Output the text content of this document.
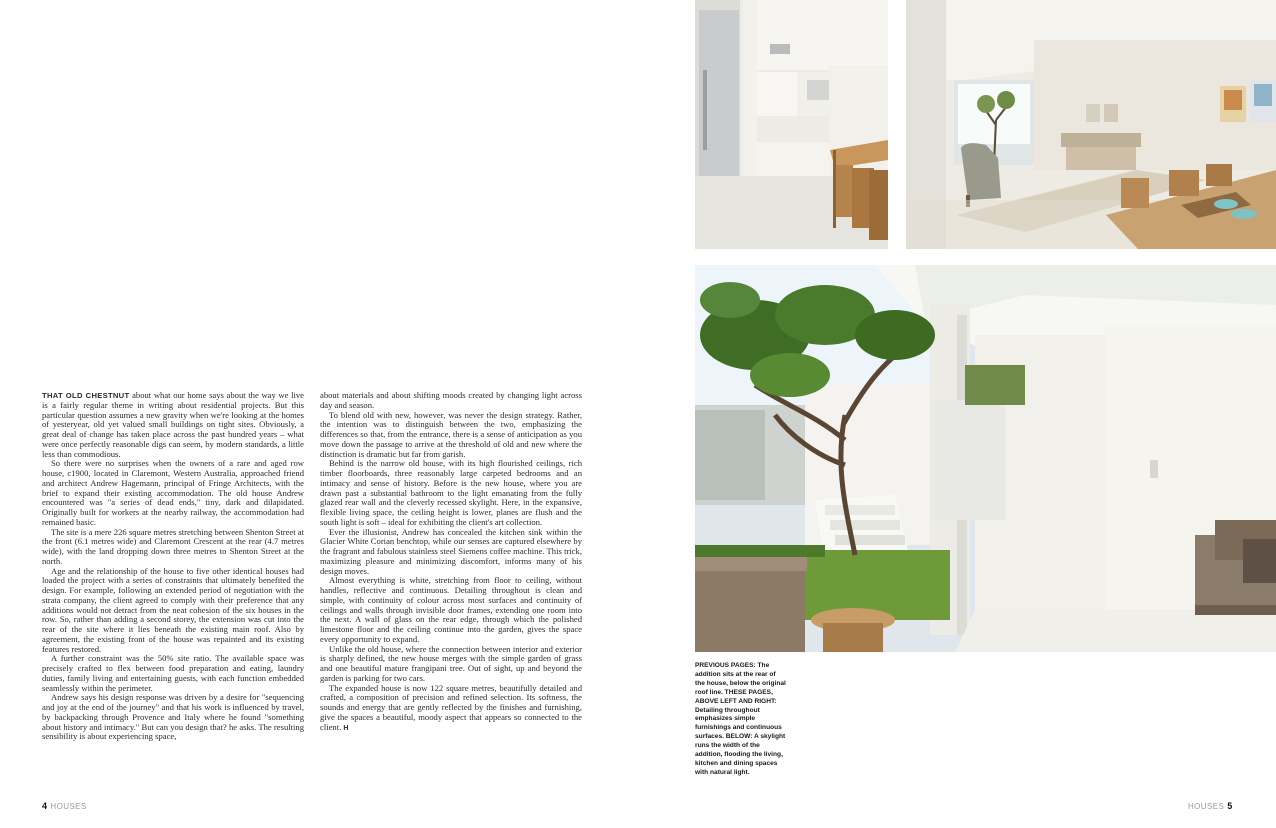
THAT OLD CHESTNUT about what our home says about the way we live is a fairly regular theme in writing about residential projects. But this particular question assumes a new gravity when we're looking at the homes of yesteryear, old yet valued small buildings on tight sites. Obviously, a great deal of change has taken place across the past hundred years – what were once perfectly reasonable digs can seem, by modern standards, a little less than commodious.

So there were no surprises when the owners of a rare and aged row house, c1900, located in Claremont, Western Australia, approached friend and architect Andrew Hagemann, principal of Fringe Architects, with the brief to expand their existing accommodation. The old house Andrew encountered was "a series of dead ends," tiny, dark and dilapidated. Originally built for workers at the nearby railway, the accommodation had remained basic.

The site is a mere 226 square metres stretching between Shenton Street at the front (6.1 metres wide) and Claremont Crescent at the rear (4.7 metres wide), with the land dropping down three metres to Shenton Street at the north.

Age and the relationship of the house to five other identical houses had loaded the project with a series of constraints that ultimately benefited the design. For example, following an extended period of negotiation with the strata company, the client agreed to comply with their preference that any additions would not detract from the neat cohesion of the six houses in the row. So, rather than adding a second storey, the extension was cut into the rear of the site where it lies beneath the existing main roof. Also by agreement, the existing front of the house was repainted and its existing features restored.

A further constraint was the 50% site ratio. The available space was precisely crafted to flex between food preparation and eating, laundry duties, family living and entertaining guests, with each function embedded seamlessly within the perimeter.

Andrew says his design response was driven by a desire for "sequencing and joy at the end of the journey" and that his work is influenced by travel, by backpacking through Provence and Italy where he found "something about history and intimacy." But can you design that? he asks. The resulting sensibility is about experiencing space,

about materials and about shifting moods created by changing light across day and season.

To blend old with new, however, was never the design strategy. Rather, the intention was to distinguish between the two, emphasizing the differences so that, from the entrance, there is a sense of anticipation as you move down the passage to arrive at the threshold of old and new where the distinction is dramatic but far from garish.

Behind is the narrow old house, with its high flourished ceilings, rich timber floorboards, three reasonably large carpeted bedrooms and an intimacy and sense of history. Before is the new house, where you are drawn past a substantial bathroom to the light emanating from the fully glazed rear wall and the cleverly recessed skylight. Here, in the expansive, flexible living space, the ceiling height is lower, planes are flush and the south light is soft – ideal for exhibiting the client's art collection.

Ever the illusionist, Andrew has concealed the kitchen sink within the Glacier White Corian benchtop, while our senses are captured elsewhere by the fragrant and fabulous stainless steel Siemens coffee machine. This trick, maximizing pleasure and minimizing discomfort, informs many of his design moves.

Almost everything is white, stretching from floor to ceiling, without handles, reflective and continuous. Detailing throughout is clean and simple, with continuity of colour across most surfaces and continuity of ceilings and walls through invisible door frames, extending one room into the next. A wall of glass on the rear edge, through which the polished limestone floor and the ceiling continue into the garden, gives the space every opportunity to expand.

Unlike the old house, where the connection between interior and exterior is sharply defined, the new house merges with the simple garden of grass and one beautiful mature frangipani tree. Out of sight, up and beyond the garden is parking for two cars.

The expanded house is now 122 square metres, beautifully detailed and crafted, a composition of precision and refined selection. Its softness, the sounds and energy that are gently reflected by the finishes and furnishing, give the spaces a beautiful, moody aspect that appears so connected to the client. H

4 HOUSES
PREVIOUS PAGES: The addition sits at the rear of the house, below the original roof line. THESE PAGES, ABOVE LEFT AND RIGHT: Detailing throughout emphasizes simple furnishings and continuous surfaces. BELOW: A skylight runs the width of the addition, flooding the living, kitchen and dining spaces with natural light.
HOUSES 5
